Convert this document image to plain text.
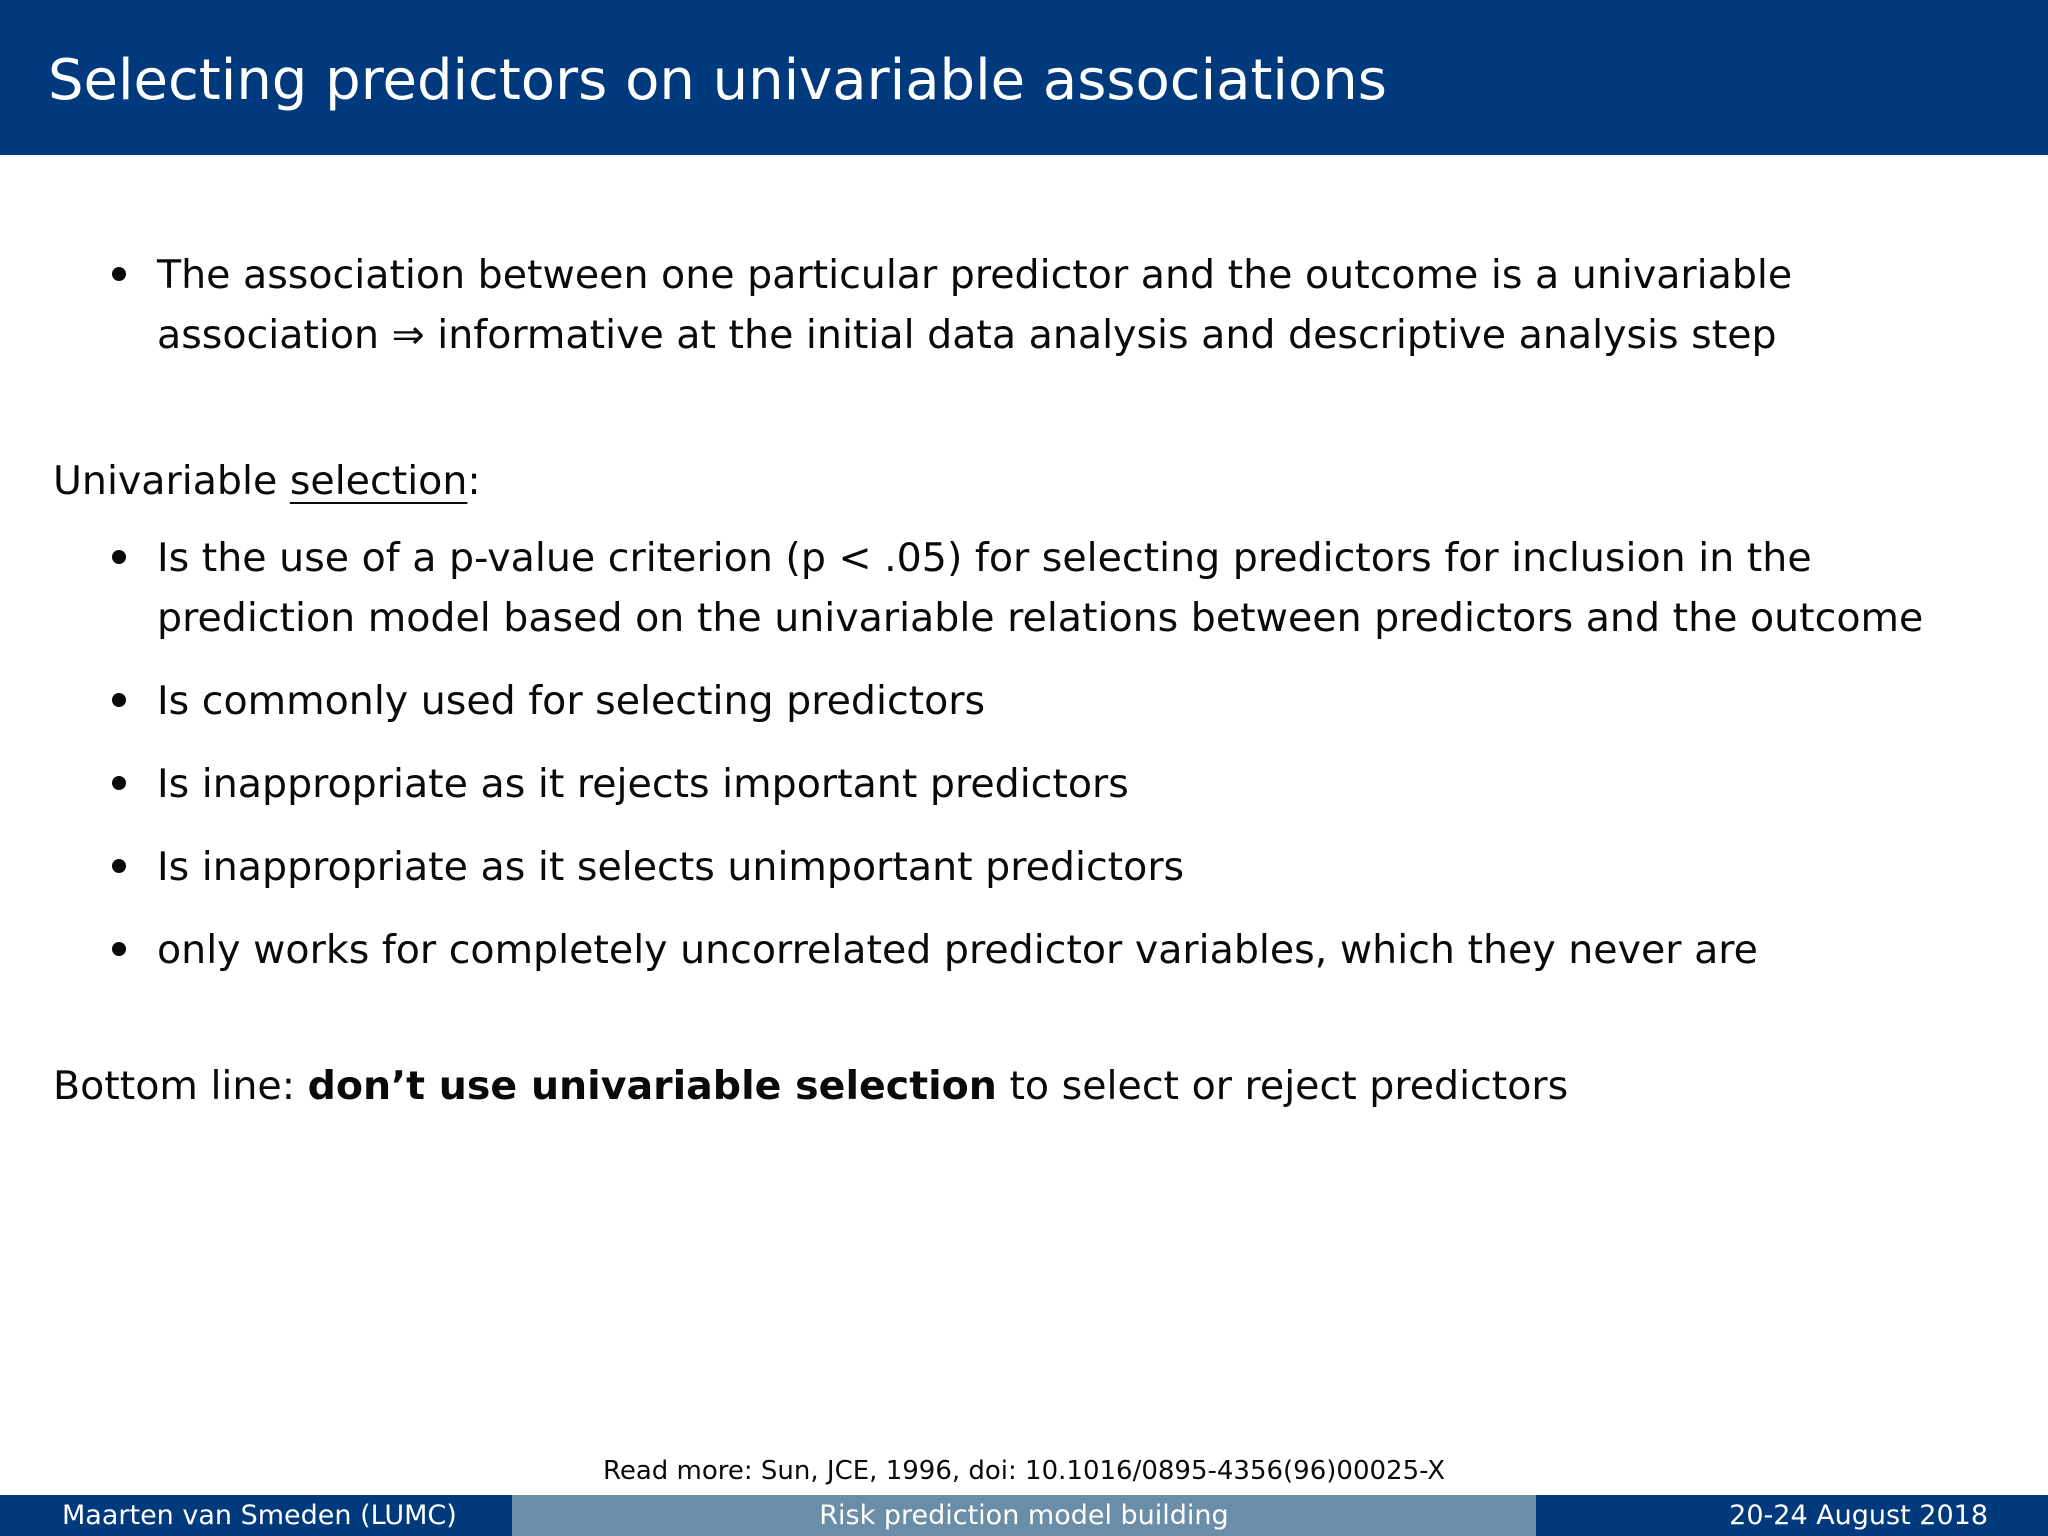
Selecting predictors on univariable associations
The association between one particular predictor and the outcome is a univariable
association ⇒ informative at the initial data analysis and descriptive analysis step
Univariable selection:
Is the use of a p-value criterion (p < .05) for selecting predictors for inclusion in the
prediction model based on the univariable relations between predictors and the outcome
Is commonly used for selecting predictors
Is inappropriate as it rejects important predictors
Is inappropriate as it selects unimportant predictors
only works for completely uncorrelated predictor variables, which they never are
Bottom line: don’t use univariable selection to select or reject predictors
Read more: Sun, JCE, 1996, doi: 10.1016/0895-4356(96)00025-X
Maarten van Smeden (LUMC)	Risk prediction model building	20-24 August 2018
